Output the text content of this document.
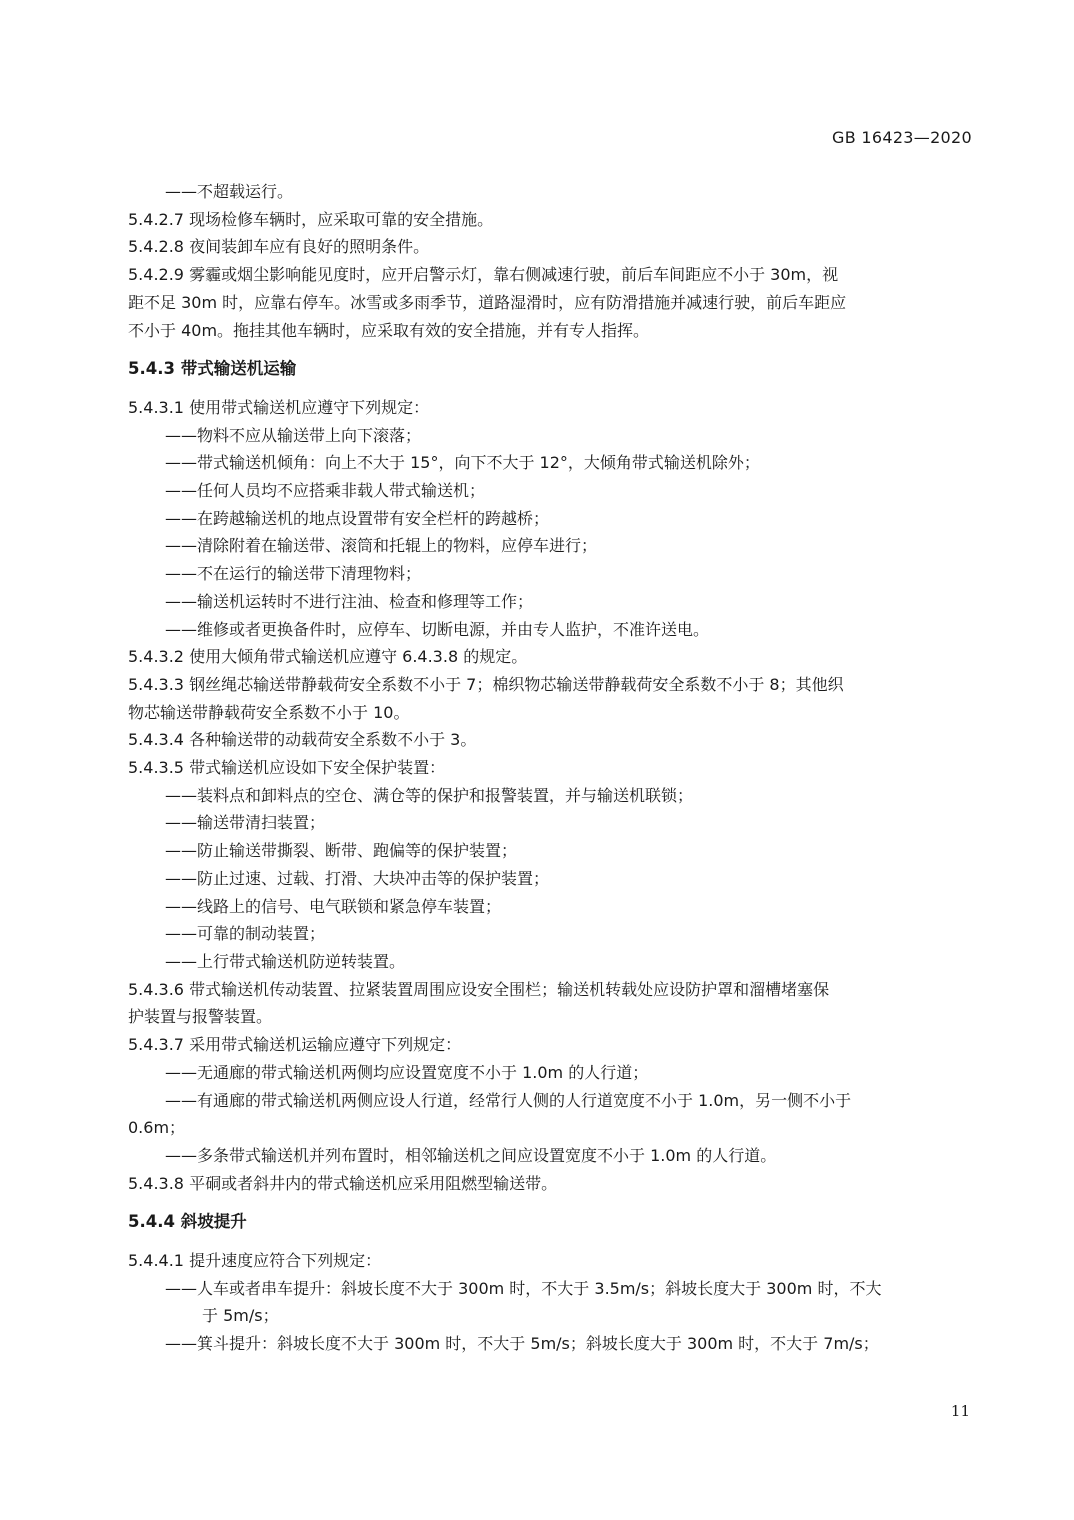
GB 16423—2020
——不超载运行。
5.4.2.7 现场检修车辆时，应采取可靠的安全措施。
5.4.2.8 夜间装卸车应有良好的照明条件。
5.4.2.9 雾霾或烟尘影响能见度时，应开启警示灯，靠右侧减速行驶，前后车间距应不小于 30m，视
距不足 30m 时，应靠右停车。冰雪或多雨季节，道路湿滑时，应有防滑措施并减速行驶，前后车距应
不小于 40m。拖挂其他车辆时，应采取有效的安全措施，并有专人指挥。
5.4.3 带式输送机运输
5.4.3.1 使用带式输送机应遵守下列规定：
——物料不应从输送带上向下滚落；
——带式输送机倾角：向上不大于 15°，向下不大于 12°，大倾角带式输送机除外；
——任何人员均不应搭乘非载人带式输送机；
——在跨越输送机的地点设置带有安全栏杆的跨越桥；
——清除附着在输送带、滚筒和托辊上的物料，应停车进行；
——不在运行的输送带下清理物料；
——输送机运转时不进行注油、检查和修理等工作；
——维修或者更换备件时，应停车、切断电源，并由专人监护，不准许送电。
5.4.3.2 使用大倾角带式输送机应遵守 6.4.3.8 的规定。
5.4.3.3 钢丝绳芯输送带静载荷安全系数不小于 7；棉织物芯输送带静载荷安全系数不小于 8；其他织
物芯输送带静载荷安全系数不小于 10。
5.4.3.4 各种输送带的动载荷安全系数不小于 3。
5.4.3.5 带式输送机应设如下安全保护装置：
——装料点和卸料点的空仓、满仓等的保护和报警装置，并与输送机联锁；
——输送带清扫装置；
——防止输送带撕裂、断带、跑偏等的保护装置；
——防止过速、过载、打滑、大块冲击等的保护装置；
——线路上的信号、电气联锁和紧急停车装置；
——可靠的制动装置；
——上行带式输送机防逆转装置。
5.4.3.6 带式输送机传动装置、拉紧装置周围应设安全围栏；输送机转载处应设防护罩和溜槽堵塞保
护装置与报警装置。
5.4.3.7 采用带式输送机运输应遵守下列规定：
——无通廊的带式输送机两侧均应设置宽度不小于 1.0m 的人行道；
——有通廊的带式输送机两侧应设人行道，经常行人侧的人行道宽度不小于 1.0m，另一侧不小于
0.6m；
——多条带式输送机并列布置时，相邻输送机之间应设置宽度不小于 1.0m 的人行道。
5.4.3.8 平硐或者斜井内的带式输送机应采用阻燃型输送带。
5.4.4 斜坡提升
5.4.4.1 提升速度应符合下列规定：
——人车或者串车提升：斜坡长度不大于 300m 时，不大于 3.5m/s；斜坡长度大于 300m 时，不大
于 5m/s；
——箕斗提升：斜坡长度不大于 300m 时，不大于 5m/s；斜坡长度大于 300m 时，不大于 7m/s；
11
